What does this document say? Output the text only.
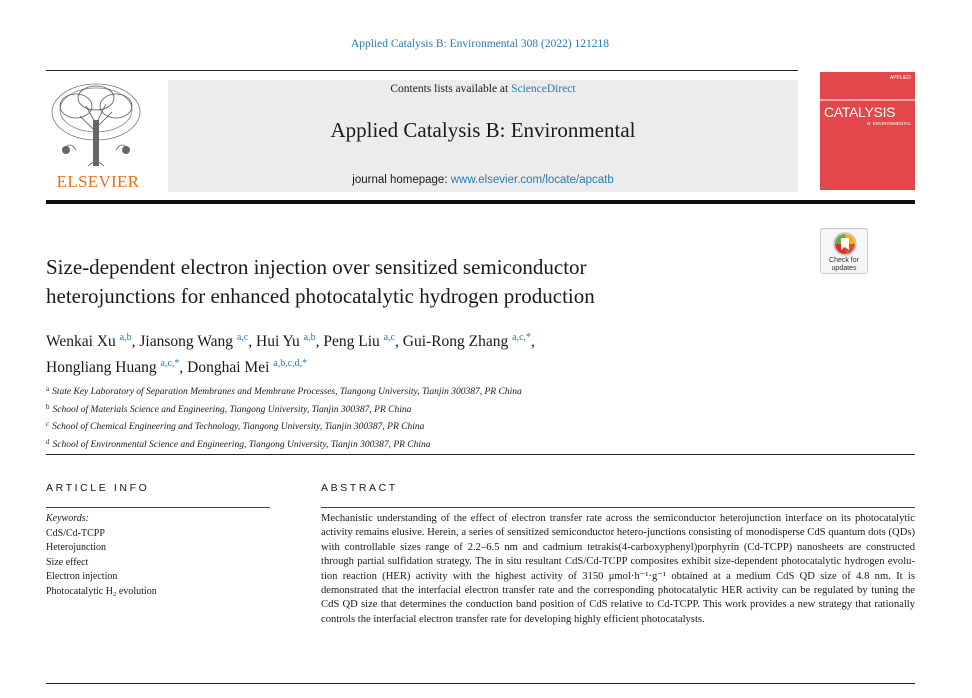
Applied Catalysis B: Environmental 308 (2022) 121218
ELSEVIER
Contents lists available at ScienceDirect
Applied Catalysis B: Environmental
journal homepage: www.elsevier.com/locate/apcatb
APPLIED
CATALYSIS
B: ENVIRONMENTAL
Check for
updates
Size-dependent electron injection over sensitized semiconductor
heterojunctions for enhanced photocatalytic hydrogen production
Wenkai Xu $^{a,b}$, Jiansong Wang $^{a,c}$, Hui Yu $^{a,b}$, Peng Liu $^{a,c}$, Gui-Rong Zhang $^{a,c,*}$,
Hongliang Huang $^{a,c,*}$, Donghai Mei $^{a,b,c,d,*}$
$^a$ State Key Laboratory of Separation Membranes and Membrane Processes, Tiangong University, Tianjin 300387, PR China
$^b$ School of Materials Science and Engineering, Tiangong University, Tianjin 300387, PR China
$^c$ School of Chemical Engineering and Technology, Tiangong University, Tianjin 300387, PR China
$^d$ School of Environmental Science and Engineering, Tiangong University, Tianjin 300387, PR China
ARTICLE INFO	ABSTRACT
Keywords:
CdS/Cd-TCPP
Heterojunction
Size effect
Electron injection
Photocatalytic H₂ evolution
Mechanistic understanding of the effect of electron transfer rate across the semiconductor heterojunction interface on its photocatalytic activity remains elusive. Herein, a series of sensitized semiconductor hetero-junctions consisting of monodisperse CdS quantum dots (QDs) with controllable sizes range of 2.2–6.5 nm and cadmium tetrakis(4-carboxyphenyl)porphyrin (Cd-TCPP) nanosheets are constructed through partial sulfidation strategy. The in situ resultant CdS/Cd-TCPP composites exhibit size-dependent photocatalytic hydrogen evolu-tion reaction (HER) activity with the highest activity of 3150 μmol·h⁻¹·g⁻¹ obtained at a medium CdS QD size of 4.8 nm. It is demonstrated that the interfacial electron transfer rate and the corresponding photocatalytic HER activity can be regulated by tuning the CdS QD size that determines the conduction band position of CdS relative to Cd-TCPP. This work provides a new strategy that rationally controls the interfacial electron transfer rate for developing highly efficient photocatalysts.
